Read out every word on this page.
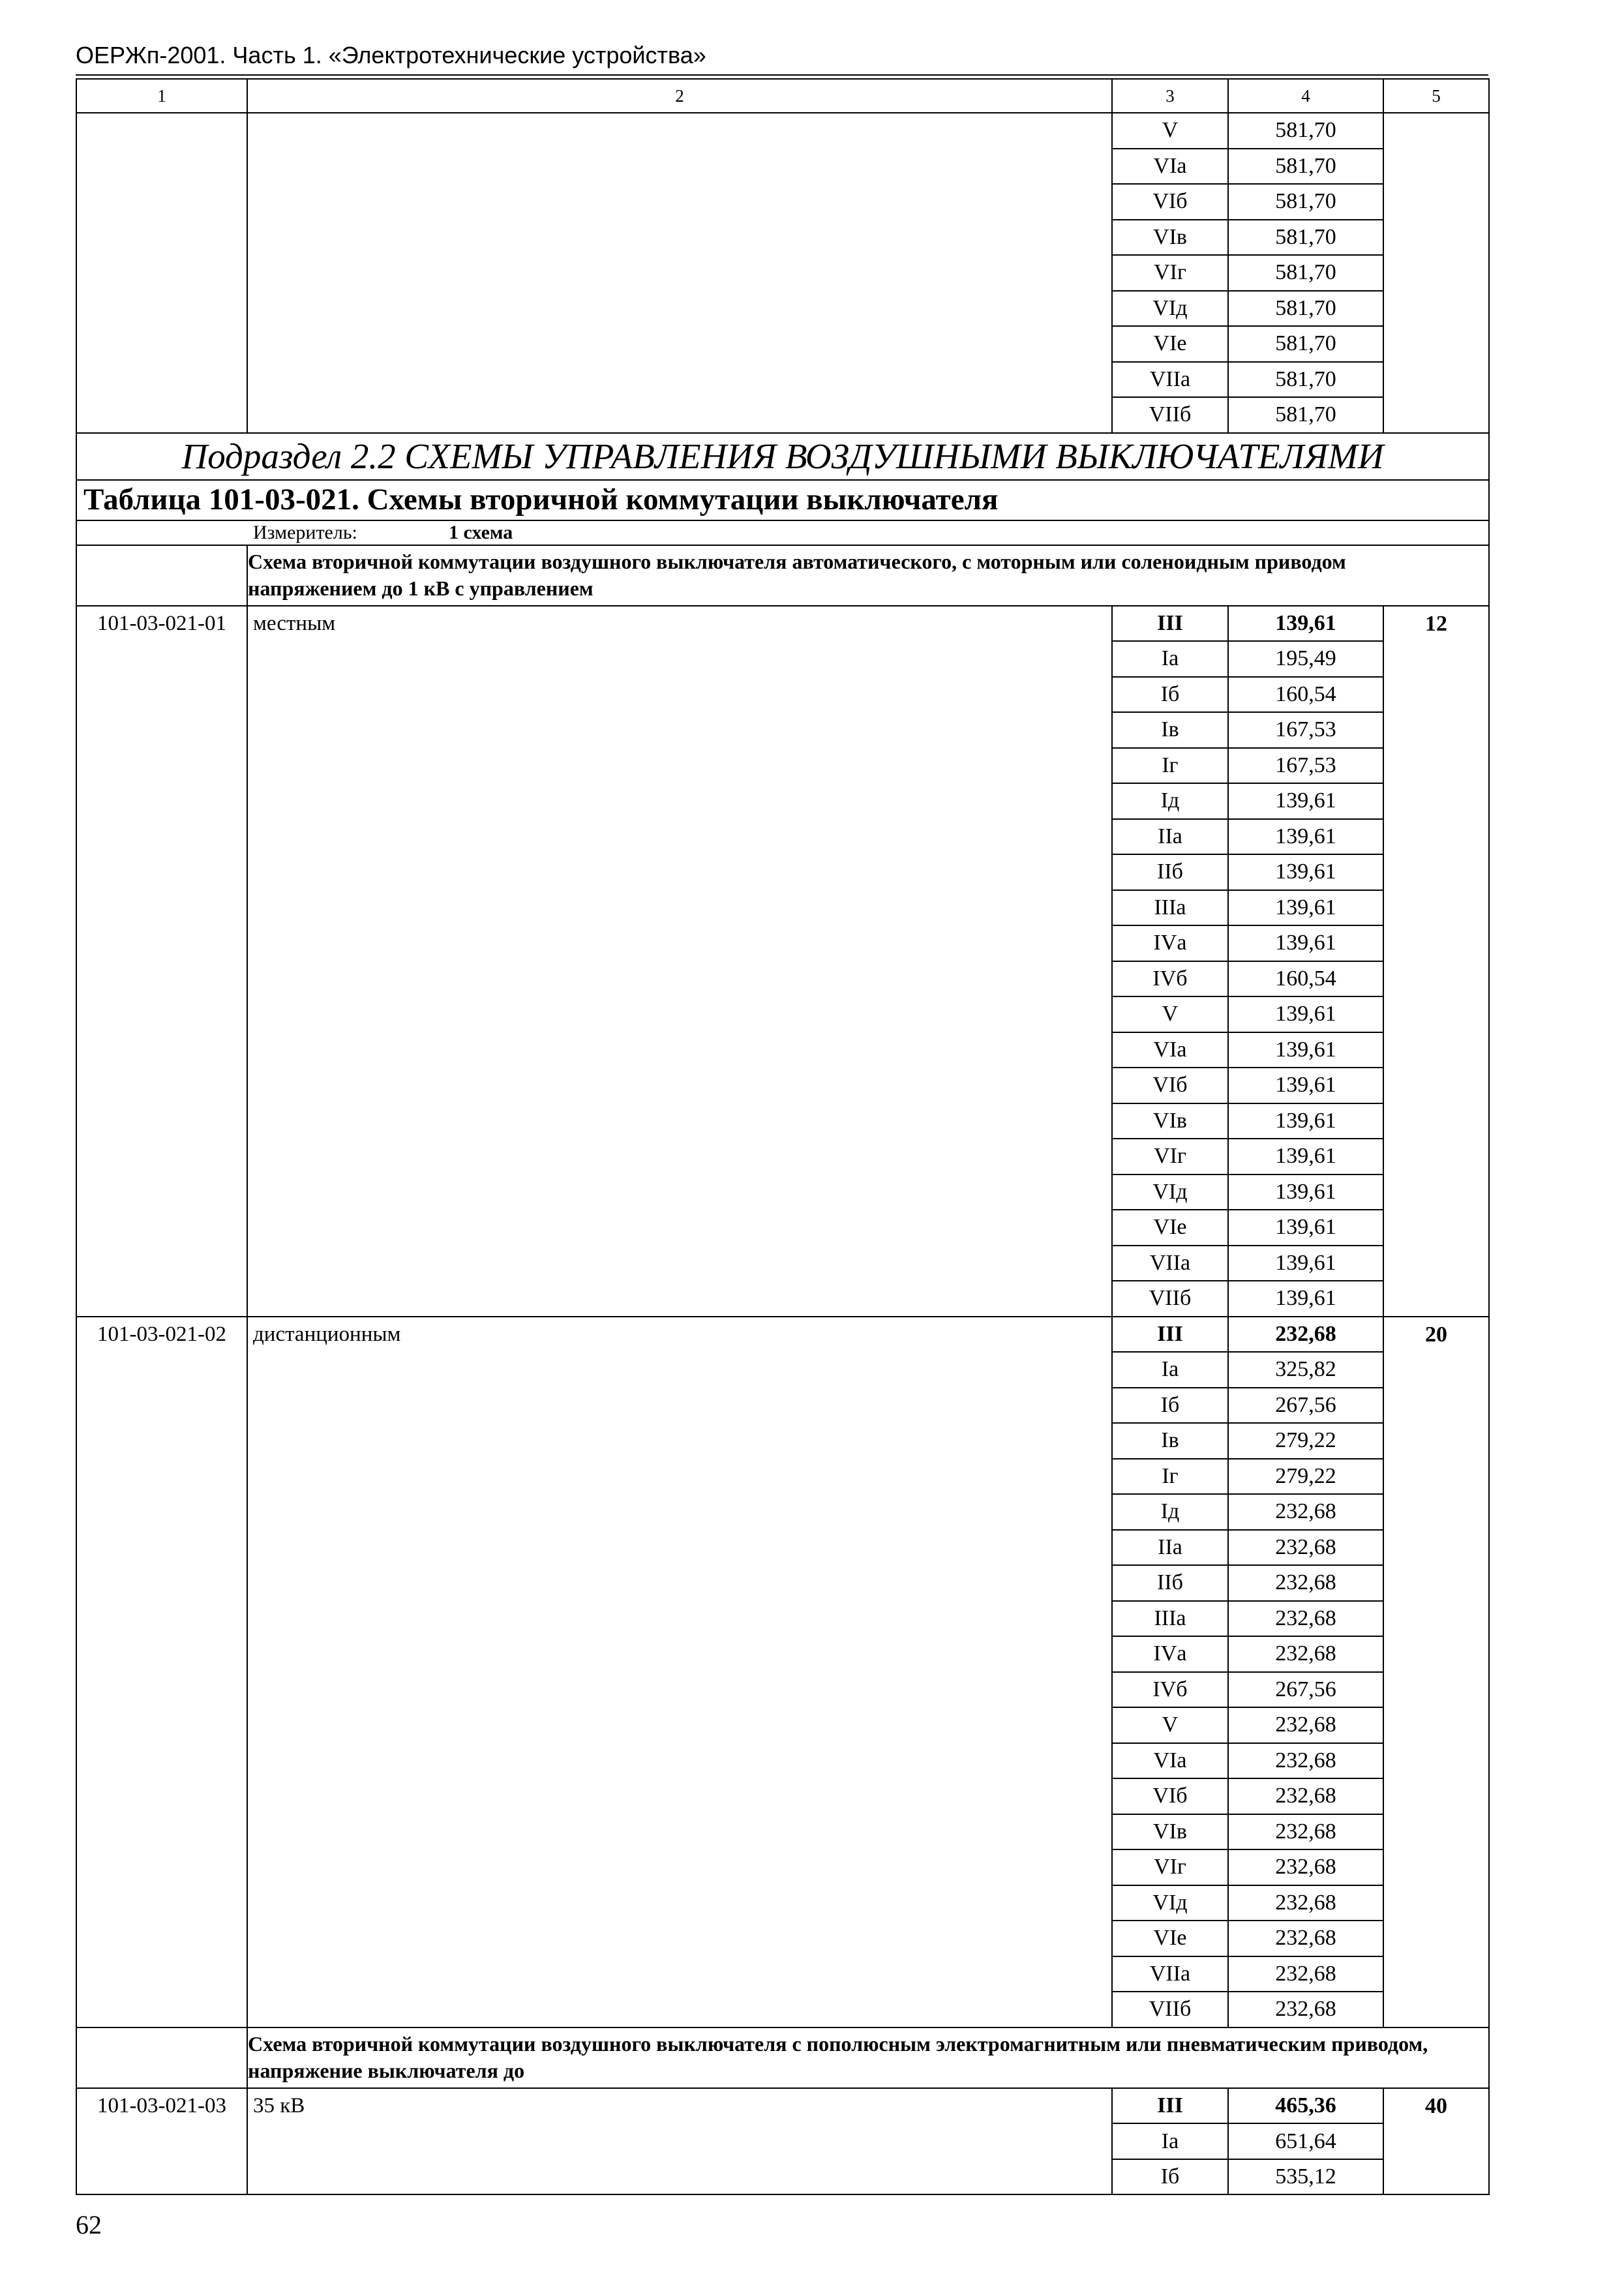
ОЕРЖп-2001. Часть 1. «Электротехнические устройства»
1	2	3	4	5
		V	581,70	
		VIа	581,70	
		VIб	581,70	
		VIв	581,70	
		VIг	581,70	
		VIд	581,70	
		VIе	581,70	
		VIIа	581,70	
		VIIб	581,70	
Подраздел 2.2 СХЕМЫ УПРАВЛЕНИЯ ВОЗДУШНЫМИ ВЫКЛЮЧАТЕЛЯМИ				
Таблица 101-03-021. Схемы вторичной коммутации выключателя				
Измеритель: 1 схема				

	Схема вторичной коммутации воздушного выключателя автоматического, с моторным или соленоидным приводом напряжением до 1 кВ с управлением			

101-03-021-01	местным	III	139,61	12
		Iа	195,49	
		Iб	160,54	
		Iв	167,53	
		Iг	167,53	
		Iд	139,61	
		IIа	139,61	
		IIб	139,61	
		IIIа	139,61	
		IVа	139,61	
		IVб	160,54	
		V	139,61	
		VIа	139,61	
		VIб	139,61	
		VIв	139,61	
		VIг	139,61	
		VIд	139,61	
		VIе	139,61	
		VIIа	139,61	
		VIIб	139,61	
101-03-021-02	дистанционным	III	232,68	20
		Iа	325,82	
		Iб	267,56	
		Iв	279,22	
		Iг	279,22	
		Iд	232,68	
		IIа	232,68	
		IIб	232,68	
		IIIа	232,68	
		IVа	232,68	
		IVб	267,56	
		V	232,68	
		VIа	232,68	
		VIб	232,68	
		VIв	232,68	
		VIг	232,68	
		VIд	232,68	
		VIе	232,68	
		VIIа	232,68	
		VIIб	232,68	

	Схема вторичной коммутации воздушного выключателя с пополюсным электромагнитным или пневматическим приводом, напряжение выключателя до			

101-03-021-03	35 кВ	III	465,36	40
		Iа	651,64	
		Iб	535,12	
62
